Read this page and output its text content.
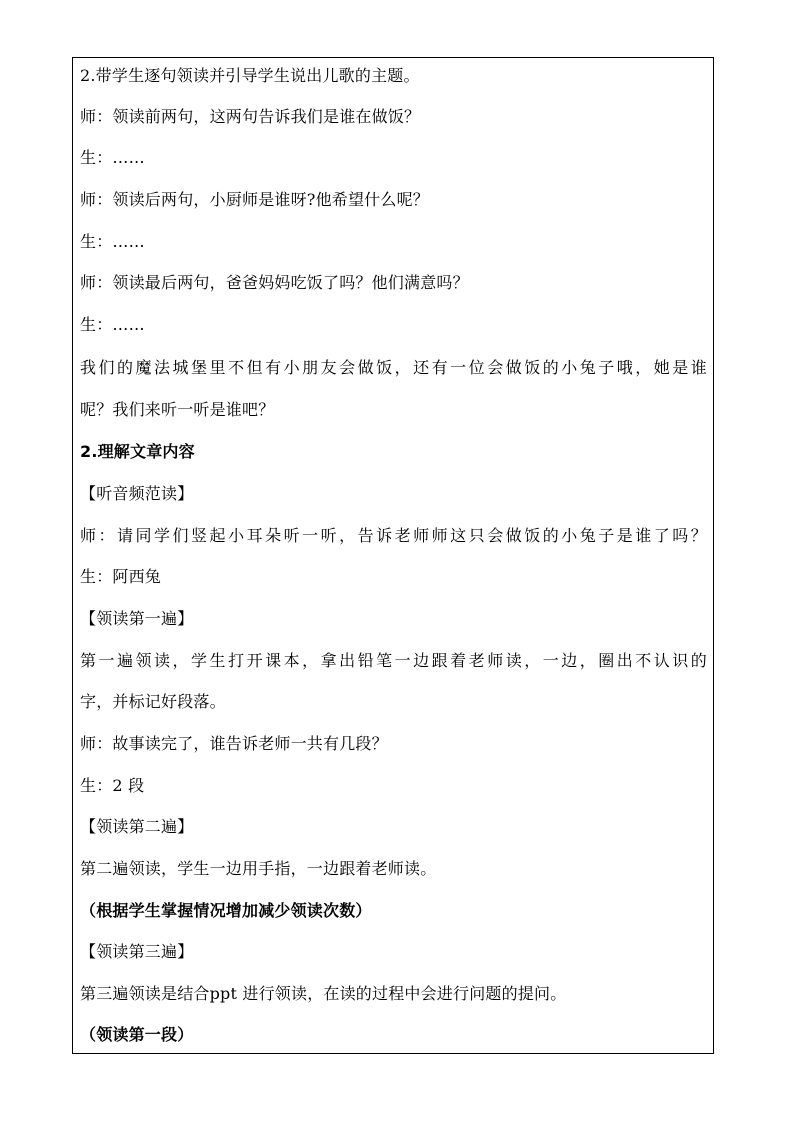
2.带学生逐句领读并引导学生说出儿歌的主题。
师：领读前两句，这两句告诉我们是谁在做饭？
生：……
师：领读后两句，小厨师是谁呀?他希望什么呢？
生：……
师：领读最后两句，爸爸妈妈吃饭了吗？他们满意吗？
生：……
我们的魔法城堡里不但有小朋友会做饭，还有一位会做饭的小兔子哦，她是谁
呢？我们来听一听是谁吧？
2.理解文章内容
【听音频范读】
师：请同学们竖起小耳朵听一听，告诉老师师这只会做饭的小兔子是谁了吗？
生：阿西兔
【领读第一遍】
第一遍领读，学生打开课本，拿出铅笔一边跟着老师读，一边，圈出不认识的
字，并标记好段落。
师：故事读完了，谁告诉老师一共有几段？
生：2 段
【领读第二遍】
第二遍领读，学生一边用手指，一边跟着老师读。
（根据学生掌握情况增加减少领读次数）
【领读第三遍】
第三遍领读是结合ppt 进行领读，在读的过程中会进行问题的提问。
（领读第一段）
